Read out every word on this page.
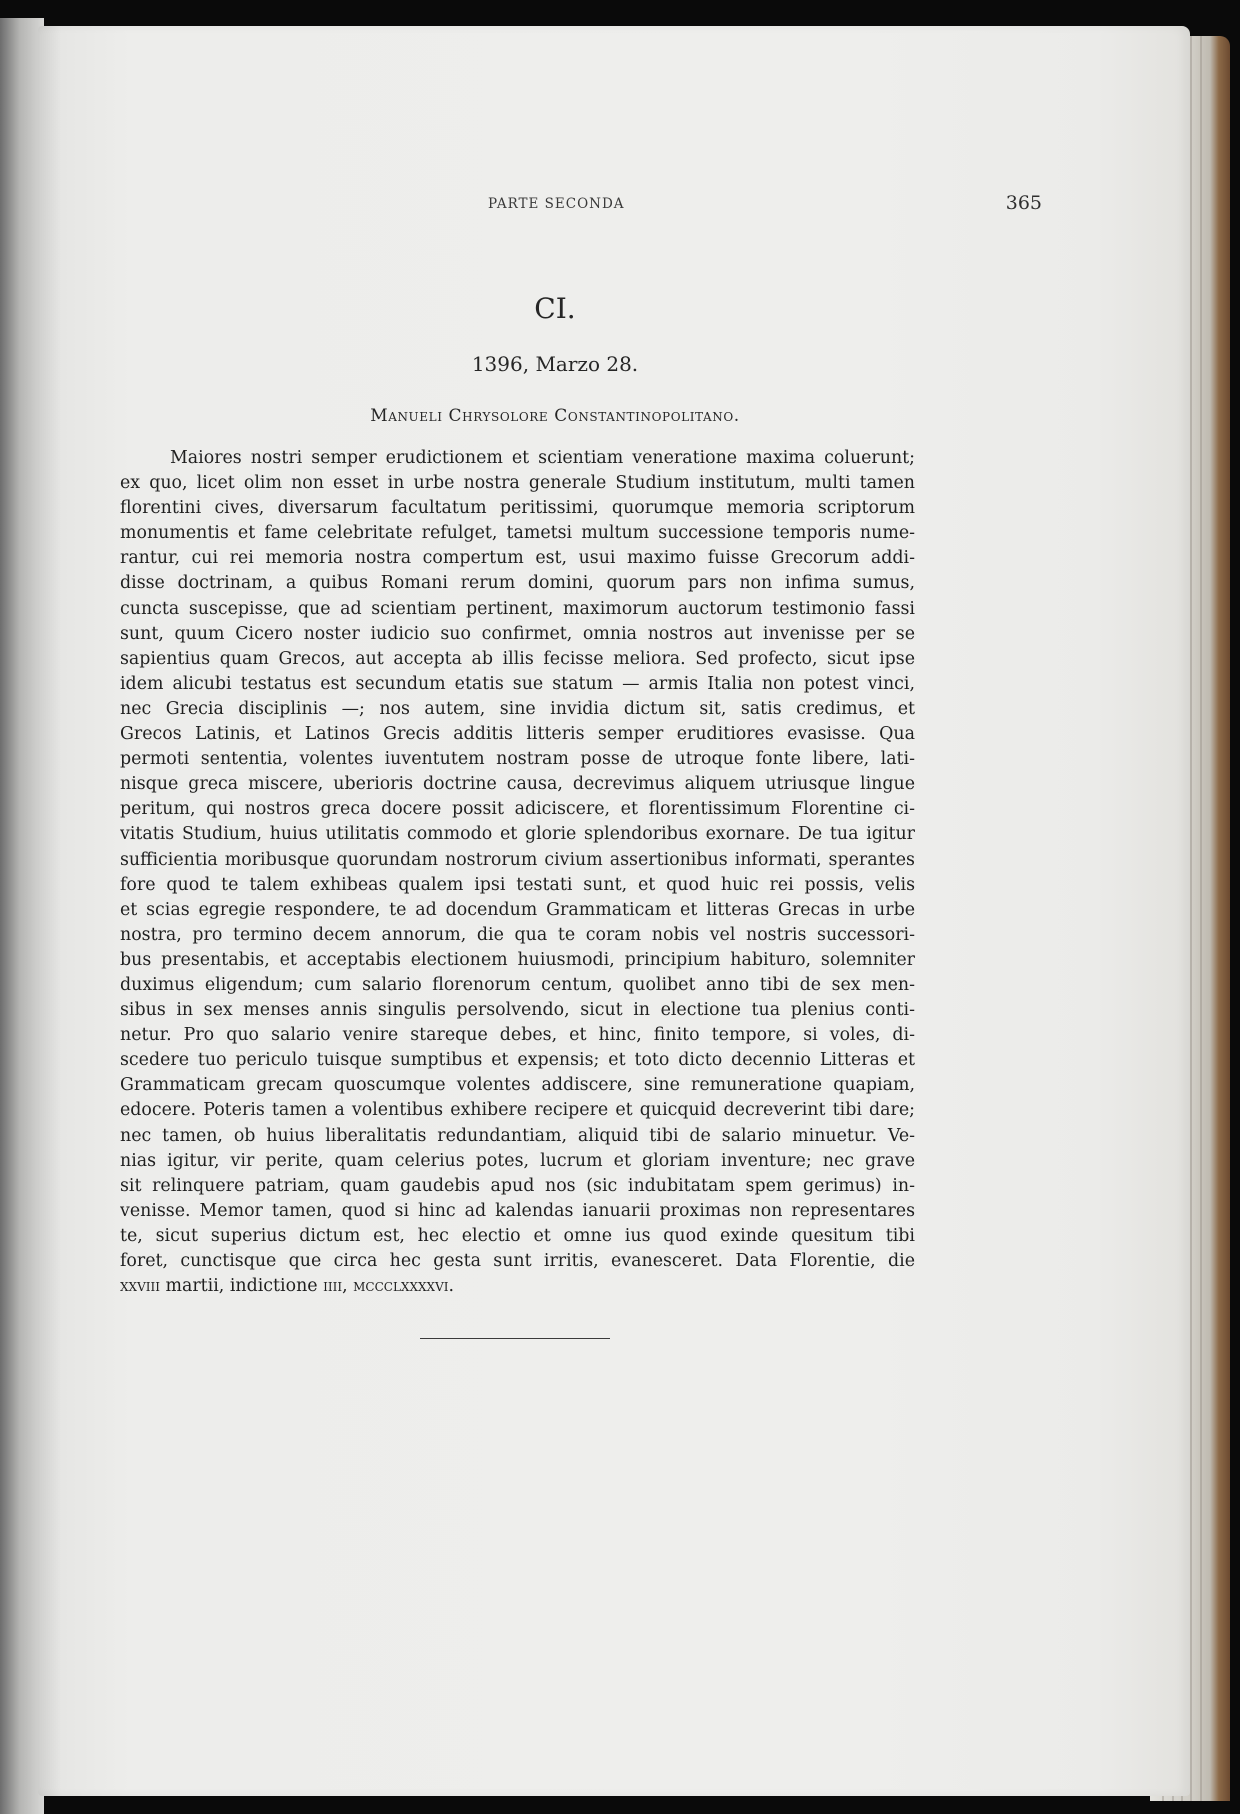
PARTE SECONDA	365
CI.
1396, Marzo 28.
Manueli Chrysolore Constantinopolitano.
Maiores nostri semper erudictionem et scientiam veneratione maxima coluerunt;
ex quo, licet olim non esset in urbe nostra generale Studium institutum, multi tamen
florentini cives, diversarum facultatum peritissimi, quorumque memoria scriptorum
monumentis et fame celebritate refulget, tametsi multum successione temporis nume-
rantur, cui rei memoria nostra compertum est, usui maximo fuisse Grecorum addi-
disse doctrinam, a quibus Romani rerum domini, quorum pars non infima sumus,
cuncta suscepisse, que ad scientiam pertinent, maximorum auctorum testimonio fassi
sunt, quum Cicero noster iudicio suo confirmet, omnia nostros aut invenisse per se
sapientius quam Grecos, aut accepta ab illis fecisse meliora. Sed profecto, sicut ipse
idem alicubi testatus est secundum etatis sue statum — armis Italia non potest vinci,
nec Grecia disciplinis —; nos autem, sine invidia dictum sit, satis credimus, et
Grecos Latinis, et Latinos Grecis additis litteris semper eruditiores evasisse. Qua
permoti sententia, volentes iuventutem nostram posse de utroque fonte libere, lati-
nisque greca miscere, uberioris doctrine causa, decrevimus aliquem utriusque lingue
peritum, qui nostros greca docere possit adiciscere, et florentissimum Florentine ci-
vitatis Studium, huius utilitatis commodo et glorie splendoribus exornare. De tua igitur
sufficientia moribusque quorundam nostrorum civium assertionibus informati, sperantes
fore quod te talem exhibeas qualem ipsi testati sunt, et quod huic rei possis, velis
et scias egregie respondere, te ad docendum Grammaticam et litteras Grecas in urbe
nostra, pro termino decem annorum, die qua te coram nobis vel nostris successori-
bus presentabis, et acceptabis electionem huiusmodi, principium habituro, solemniter
duximus eligendum; cum salario florenorum centum, quolibet anno tibi de sex men-
sibus in sex menses annis singulis persolvendo, sicut in electione tua plenius conti-
netur. Pro quo salario venire stareque debes, et hinc, finito tempore, si voles, di-
scedere tuo periculo tuisque sumptibus et expensis; et toto dicto decennio Litteras et
Grammaticam grecam quoscumque volentes addiscere, sine remuneratione quapiam,
edocere. Poteris tamen a volentibus exhibere recipere et quicquid decreverint tibi dare;
nec tamen, ob huius liberalitatis redundantiam, aliquid tibi de salario minuetur. Ve-
nias igitur, vir perite, quam celerius potes, lucrum et gloriam inventure; nec grave
sit relinquere patriam, quam gaudebis apud nos (sic indubitatam spem gerimus) in-
venisse. Memor tamen, quod si hinc ad kalendas ianuarii proximas non representares
te, sicut superius dictum est, hec electio et omne ius quod exinde quesitum tibi
foret, cunctisque que circa hec gesta sunt irritis, evanesceret. Data Florentie, die
xxviii martii, indictione iiii, mccclxxxxvi.
